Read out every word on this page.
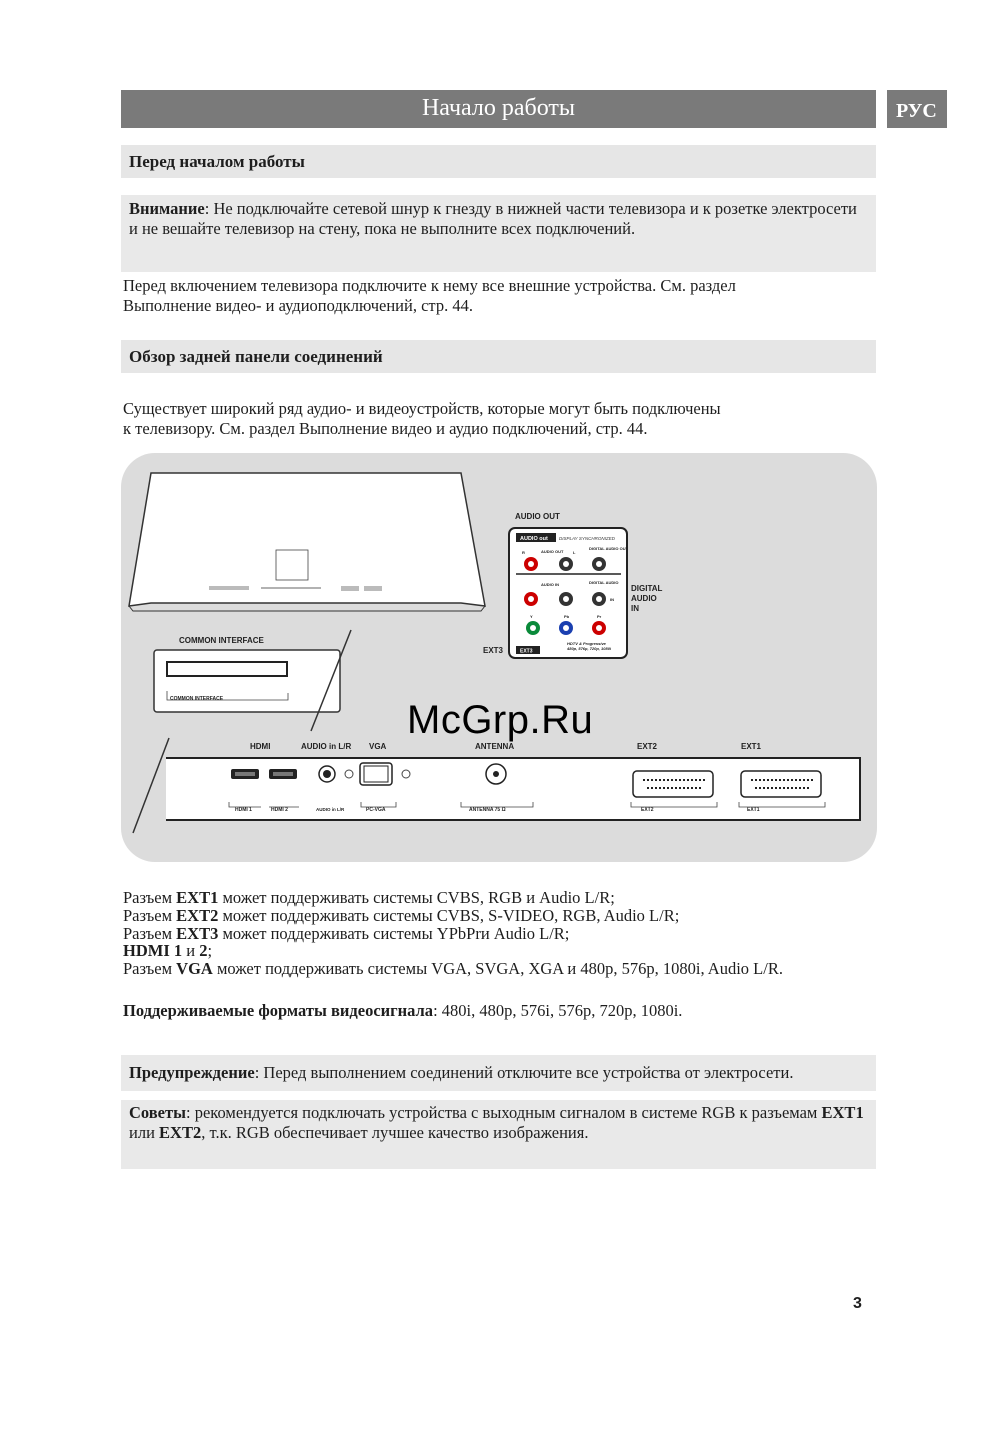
Начало работы	РУС
Перед началом работы
Внимание: Не подключайте сетевой шнур к гнезду в нижней части телевизора и к розетке электросети и не вешайте телевизор на стену, пока не выполните всех подключений.
Перед включением телевизора подключите к нему все внешние устройства. См. раздел
Выполнение видео- и аудиоподключений, стр. 44.
Обзор задней панели соединений
Существует широкий ряд аудио- и видеоустройств, которые могут быть подключены
к телевизору. См. раздел Выполнение видео и аудио подключений, стр. 44.
AUDIO OUT
AUDIO out DISPLAY SYNCHRONIZED
R	L
AUDIO OUT
DIGITAL AUDIO OUT
AUDIO IN	DIGITAL AUDIO
IN
Y	Pb	Pr
EXT3
HDTV & Progressive
480p, 576p, 720p, 1080i
EXT3
DIGITAL
AUDIO
IN
COMMON INTERFACE
COMMON INTERFACE
HDMI	AUDIO in L/R VGA	ANTENNA	EXT2	EXT1
HDMI 1	HDMI 2	AUDIO in L/R	PC-VGA	ANTENNA 75 Ω	EXT2	EXT1
McGrp.Ru
Разъем EXT1 может поддерживать системы CVBS, RGB и Audio L/R;
Разъем EXT2 может поддерживать системы CVBS, S-VIDEO, RGB, Audio L/R;
Разъем EXT3 может поддерживать системы YPbPrи Audio L/R;
HDMI 1 и 2;
Разъем VGA может поддерживать системы VGA, SVGA, XGA и 480p, 576p, 1080i, Audio L/R.
Поддерживаемые форматы видеосигнала: 480i, 480p, 576i, 576p, 720p, 1080i.
Предупреждение: Перед выполнением соединений отключите все устройства от электросети.
Советы: рекомендуется подключать устройства с выходным сигналом в системе RGB к разъемам EXT1 или EXT2, т.к. RGB обеспечивает лучшее качество изображения.
3
